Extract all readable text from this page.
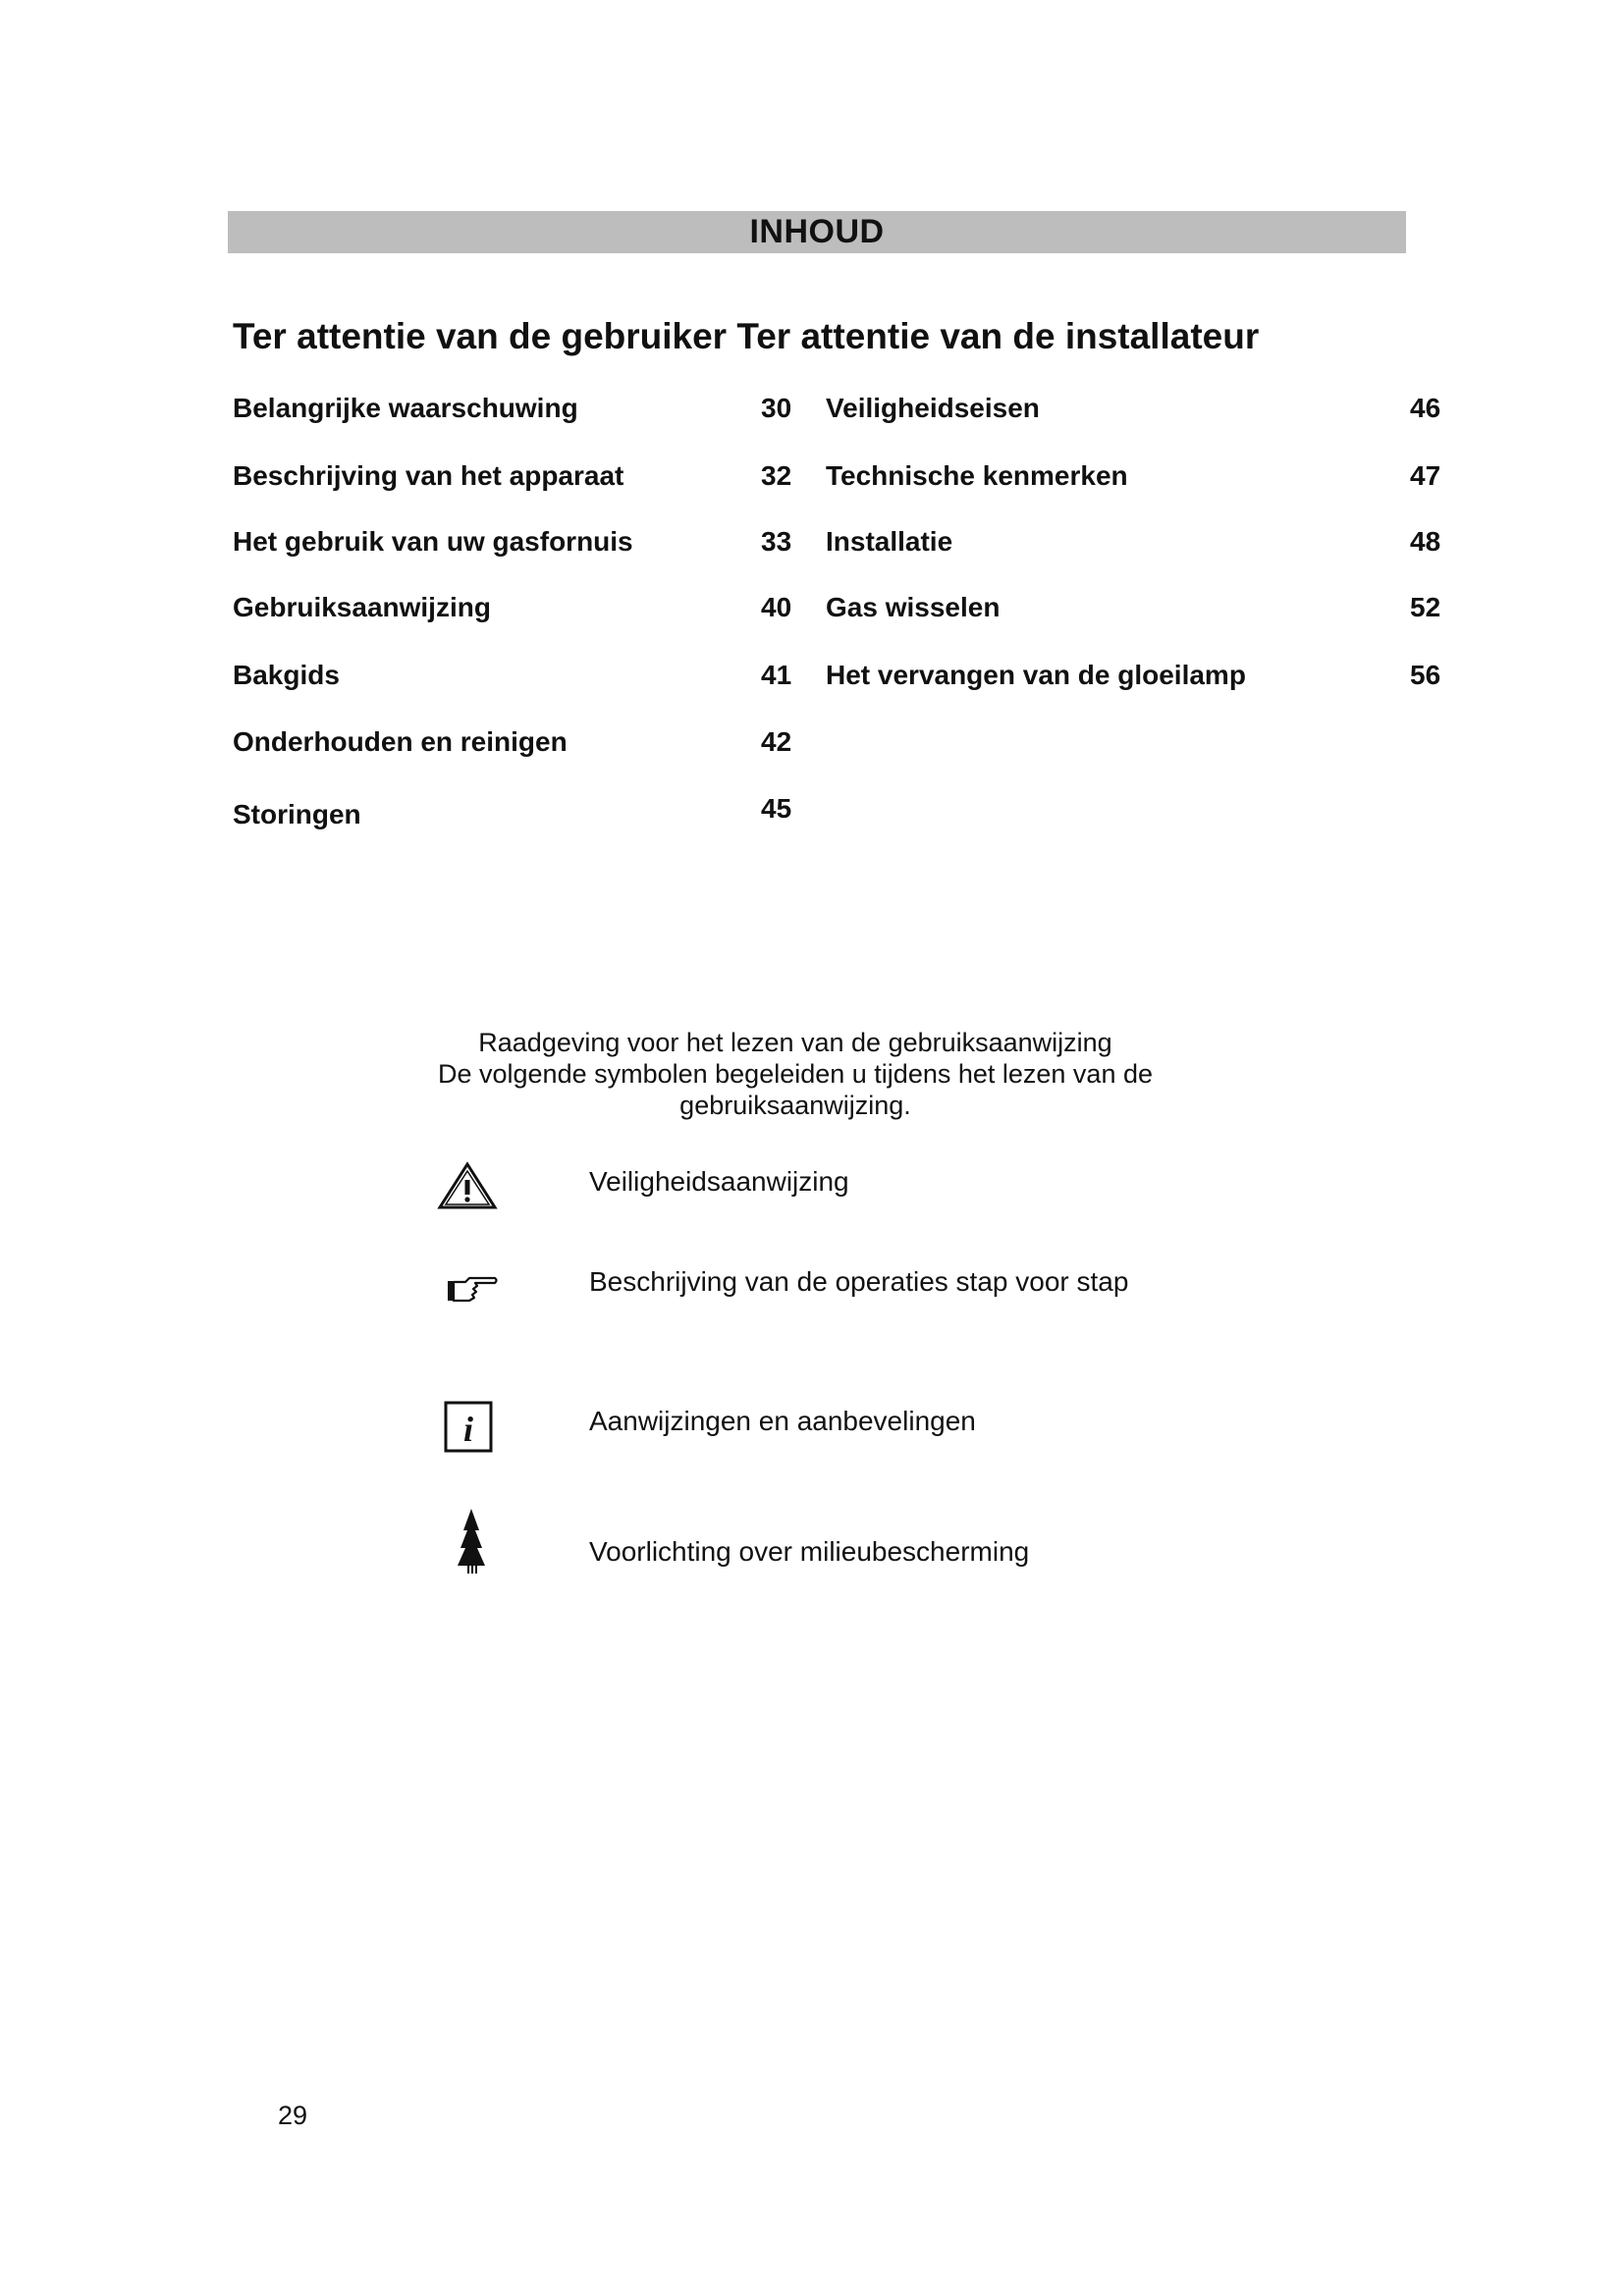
INHOUD
Ter attentie van de gebruiker Ter attentie van de installateur
Belangrijke waarschuwing	30
Beschrijving van het apparaat	32
Het gebruik van uw gasfornuis	33
Gebruiksaanwijzing	40
Bakgids	41
Onderhouden en reinigen	42
Storingen	45
Veiligheidseisen	46
Technische kenmerken	47
Installatie	48
Gas wisselen	52
Het vervangen van de gloeilamp	56
Raadgeving voor het lezen van de gebruiksaanwijzing
De volgende symbolen begeleiden u tijdens het lezen van de
gebruiksaanwijzing.
Veiligheidsaanwijzing
Beschrijving van de operaties stap voor stap
i	Aanwijzingen en aanbevelingen
Voorlichting over milieubescherming
29
